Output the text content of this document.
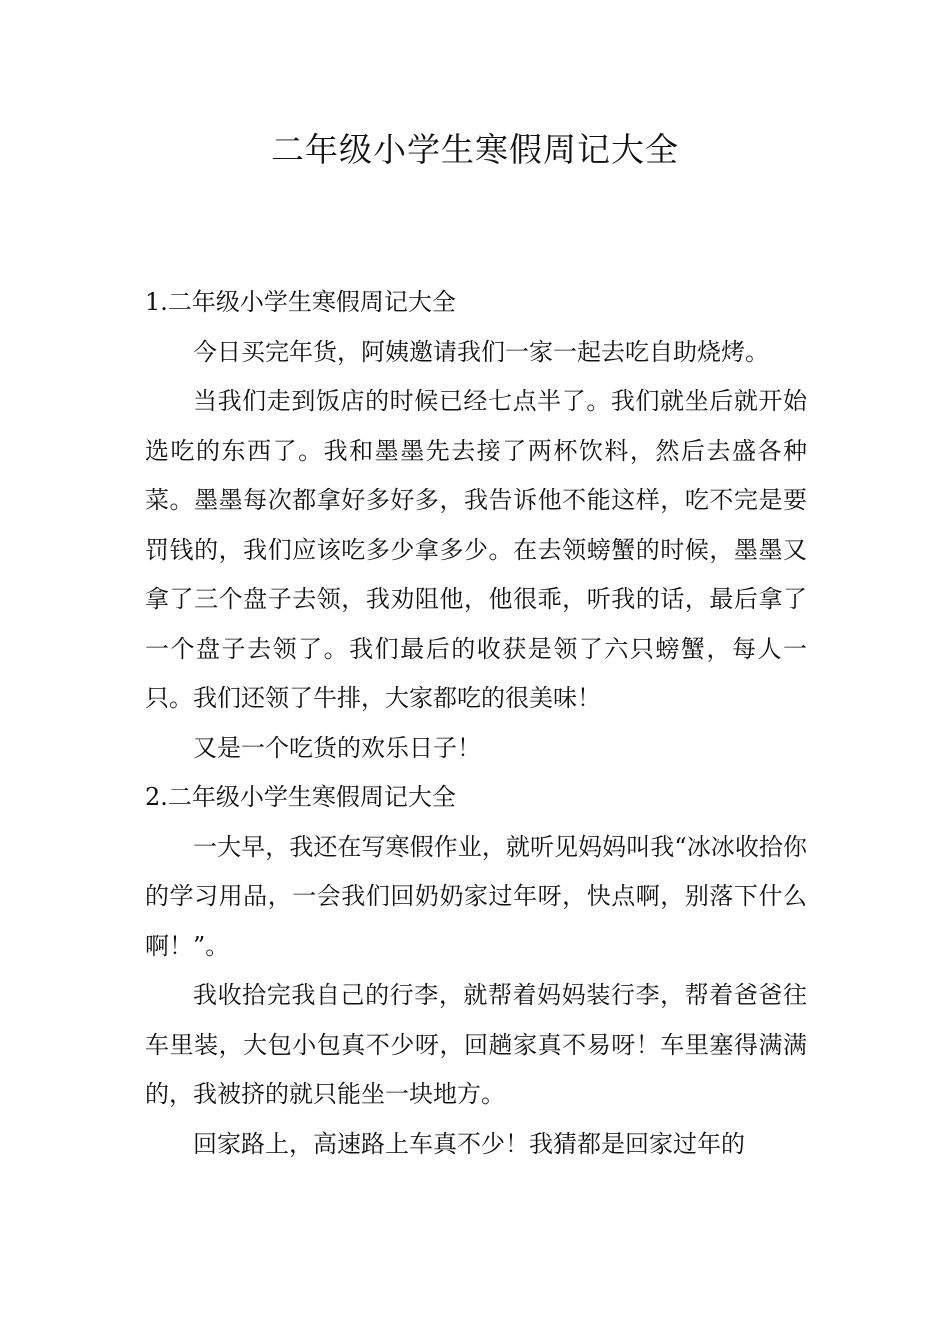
二年级小学生寒假周记大全

1.二年级小学生寒假周记大全

今日买完年货，阿姨邀请我们一家一起去吃自助烧烤。

当我们走到饭店的时候已经七点半了。我们就坐后就开始选吃的东西了。我和墨墨先去接了两杯饮料，然后去盛各种菜。墨墨每次都拿好多好多，我告诉他不能这样，吃不完是要罚钱的，我们应该吃多少拿多少。在去领螃蟹的时候，墨墨又拿了三个盘子去领，我劝阻他，他很乖，听我的话，最后拿了一个盘子去领了。我们最后的收获是领了六只螃蟹，每人一只。我们还领了牛排，大家都吃的很美味！

又是一个吃货的欢乐日子！

2.二年级小学生寒假周记大全

一大早，我还在写寒假作业，就听见妈妈叫我“冰冰收拾你的学习用品，一会我们回奶奶家过年呀，快点啊，别落下什么啊！”。

我收拾完我自己的行李，就帮着妈妈装行李，帮着爸爸往车里装，大包小包真不少呀，回趟家真不易呀！车里塞得满满的，我被挤的就只能坐一块地方。

回家路上，高速路上车真不少！我猜都是回家过年的
